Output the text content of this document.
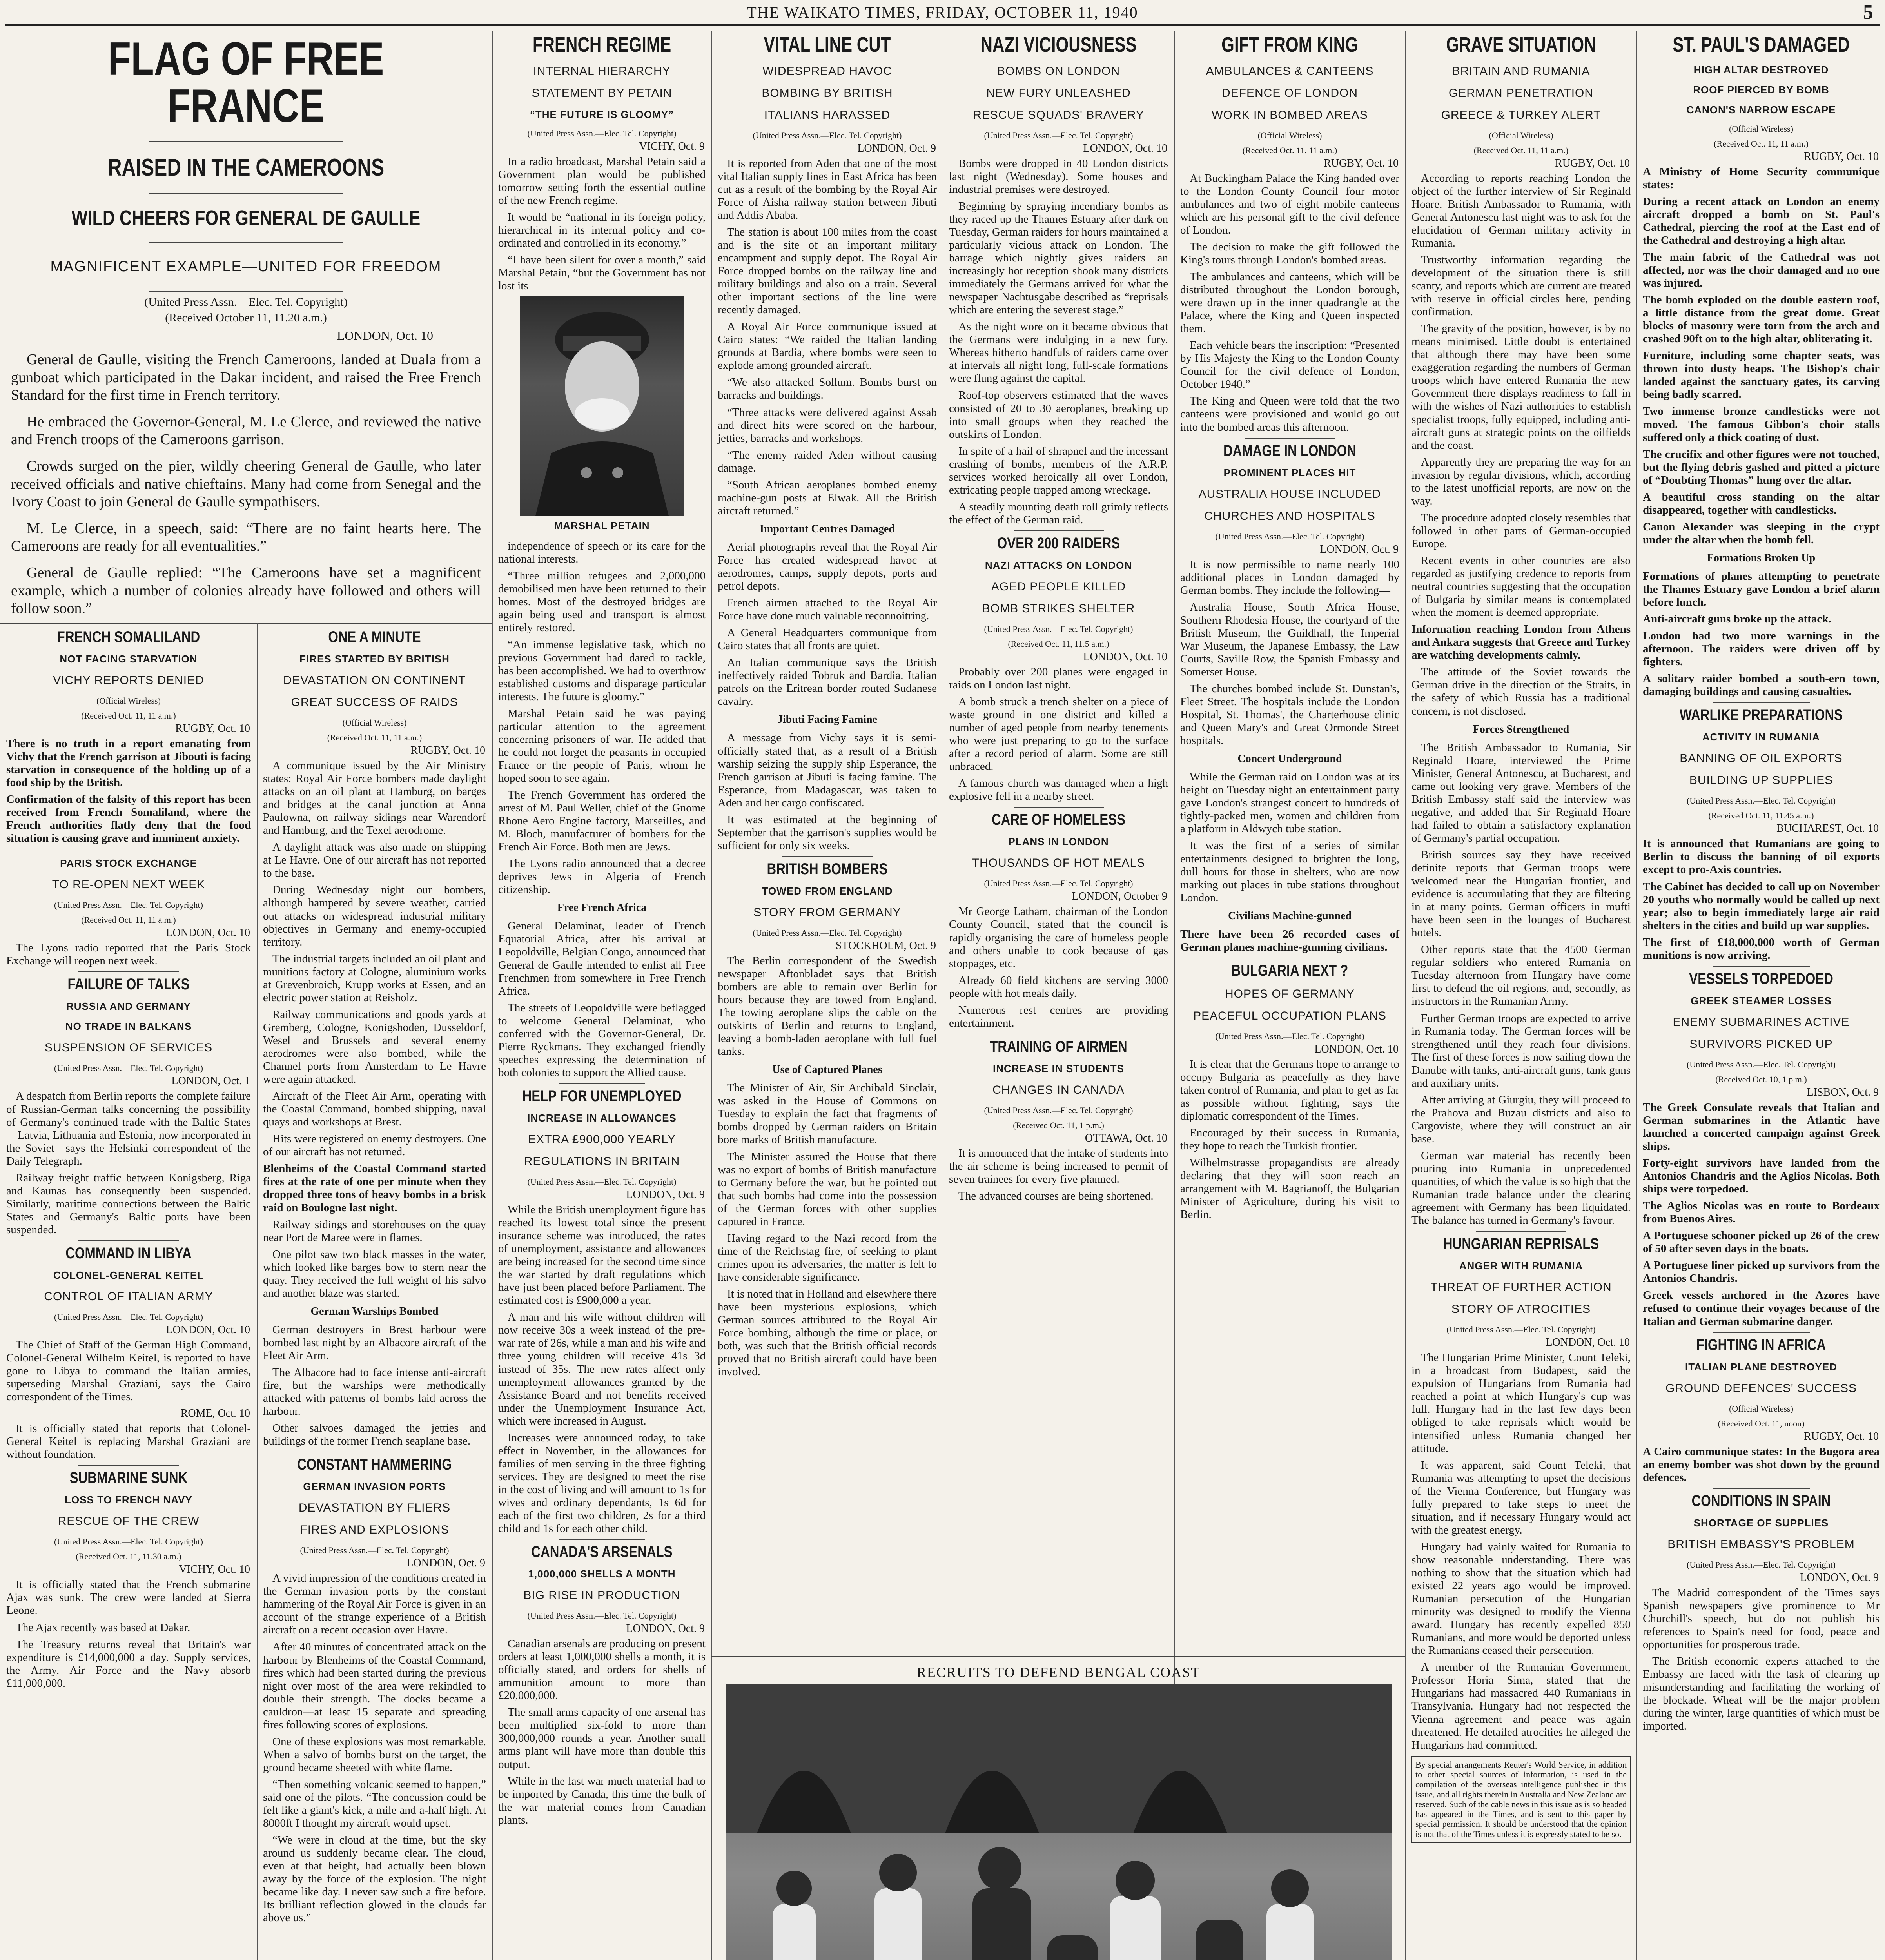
THE WAIKATO TIMES, FRIDAY, OCTOBER 11, 1940	5
FLAG OF FREE FRANCE
RAISED IN THE CAMEROONS
WILD CHEERS FOR GENERAL DE GAULLE
MAGNIFICENT EXAMPLE—UNITED FOR FREEDOM
(United Press Assn.—Elec. Tel. Copyright)
(Received October 11, 11.20 a.m.)
LONDON, Oct. 10

General de Gaulle, visiting the French Cameroons, landed at Duala from a gunboat which participated in the Dakar incident, and raised the Free French Standard for the first time in French territory.

He embraced the Governor-General, M. Le Clerce, and reviewed the native and French troops of the Cameroons garrison.

Crowds surged on the pier, wildly cheering General de Gaulle, who later received officials and native chieftains. Many had come from Senegal and the Ivory Coast to join General de Gaulle sympathisers.

M. Le Clerce, in a speech, said: “There are no faint hearts here. The Cameroons are ready for all eventualities.”

General de Gaulle replied: “The Cameroons have set a magnificent example, which a number of colonies already have followed and others will follow soon.”

FRENCH SOMALILAND
NOT FACING STARVATION
VICHY REPORTS DENIED
(Official Wireless)
(Received Oct. 11, 11 a.m.)
RUGBY, Oct. 10

There is no truth in a report emanating from Vichy that the French garrison at Jibouti is facing starvation in consequence of the holding up of a food ship by the British.

Confirmation of the falsity of this report has been received from French Somaliland, where the French authorities flatly deny that the food situation is causing grave and imminent anxiety.

PARIS STOCK EXCHANGE
TO RE-OPEN NEXT WEEK
(United Press Assn.—Elec. Tel. Copyright)
(Received Oct. 11, 11 a.m.)
LONDON, Oct. 10

The Lyons radio reported that the Paris Stock Exchange will reopen next week.

FAILURE OF TALKS
RUSSIA AND GERMANY
NO TRADE IN BALKANS
SUSPENSION OF SERVICES
(United Press Assn.—Elec. Tel. Copyright)
LONDON, Oct. 1

A despatch from Berlin reports the complete failure of Russian-German talks concerning the possibility of Germany's continued trade with the Baltic States—Latvia, Lithuania and Estonia, now incorporated in the Soviet—says the Helsinki correspondent of the Daily Telegraph.

Railway freight traffic between Konigsberg, Riga and Kaunas has consequently been suspended. Similarly, maritime connections between the Baltic States and Germany's Baltic ports have been suspended.

COMMAND IN LIBYA
COLONEL-GENERAL KEITEL
CONTROL OF ITALIAN ARMY
(United Press Assn.—Elec. Tel. Copyright)
LONDON, Oct. 10

The Chief of Staff of the German High Command, Colonel-General Wilhelm Keitel, is reported to have gone to Libya to command the Italian armies, superseding Marshal Graziani, says the Cairo correspondent of the Times.

ROME, Oct. 10

It is officially stated that reports that Colonel-General Keitel is replacing Marshal Graziani are without foundation.

SUBMARINE SUNK
LOSS TO FRENCH NAVY
RESCUE OF THE CREW
(United Press Assn.—Elec. Tel. Copyright)
(Received Oct. 11, 11.30 a.m.)
VICHY, Oct. 10

It is officially stated that the French submarine Ajax was sunk. The crew were landed at Sierra Leone.

The Ajax recently was based at Dakar.

The Treasury returns reveal that Britain's war expenditure is £14,000,000 a day. Supply services, the Army, Air Force and the Navy absorb £11,000,000.

ONE A MINUTE
FIRES STARTED BY BRITISH
DEVASTATION ON CONTINENT
GREAT SUCCESS OF RAIDS
(Official Wireless)
(Received Oct. 11, 11 a.m.)
RUGBY, Oct. 10

A communique issued by the Air Ministry states: Royal Air Force bombers made daylight attacks on an oil plant at Hamburg, on barges and bridges at the canal junction at Anna Paulowna, on railway sidings near Warendorf and Hamburg, and the Texel aerodrome.

A daylight attack was also made on shipping at Le Havre. One of our aircraft has not reported to the base.

During Wednesday night our bombers, although hampered by severe weather, carried out attacks on widespread industrial military objectives in Germany and enemy-occupied territory.

The industrial targets included an oil plant and munitions factory at Cologne, aluminium works at Grevenbroich, Krupp works at Essen, and an electric power station at Reisholz.

Railway communications and goods yards at Gremberg, Cologne, Konigshoden, Dusseldorf, Wesel and Brussels and several enemy aerodromes were also bombed, while the Channel ports from Amsterdam to Le Havre were again attacked.

Aircraft of the Fleet Air Arm, operating with the Coastal Command, bombed shipping, naval quays and workshops at Brest.

Hits were registered on enemy destroyers. One of our aircraft has not returned.

Blenheims of the Coastal Command started fires at the rate of one per minute when they dropped three tons of heavy bombs in a brisk raid on Boulogne last night.

Railway sidings and storehouses on the quay near Port de Maree were in flames.

One pilot saw two black masses in the water, which looked like barges bow to stern near the quay. They received the full weight of his salvo and another blaze was started.

German Warships Bombed

German destroyers in Brest harbour were bombed last night by an Albacore aircraft of the Fleet Air Arm.

The Albacore had to face intense anti-aircraft fire, but the warships were methodically attacked with patterns of bombs laid across the harbour.

Other salvoes damaged the jetties and buildings of the former French seaplane base.

CONSTANT HAMMERING
GERMAN INVASION PORTS
DEVASTATION BY FLIERS
FIRES AND EXPLOSIONS
(United Press Assn.—Elec. Tel. Copyright)
LONDON, Oct. 9

A vivid impression of the conditions created in the German invasion ports by the constant hammering of the Royal Air Force is given in an account of the strange experience of a British aircraft on a recent occasion over Havre.

After 40 minutes of concentrated attack on the harbour by Blenheims of the Coastal Command, fires which had been started during the previous night over most of the area were rekindled to double their strength. The docks became a cauldron—at least 15 separate and spreading fires following scores of explosions.

One of these explosions was most remarkable. When a salvo of bombs burst on the target, the ground became sheeted with white flame.

“Then something volcanic seemed to happen,” said one of the pilots. “The concussion could be felt like a giant's kick, a mile and a-half high. At 8000ft I thought my aircraft would upset.

“We were in cloud at the time, but the sky around us suddenly became clear. The cloud, even at that height, had actually been blown away by the force of the explosion. The night became like day. I never saw such a fire before. Its brilliant reflection glowed in the clouds far above us.”

FRENCH REGIME
INTERNAL HIERARCHY
STATEMENT BY PETAIN
“THE FUTURE IS GLOOMY”
(United Press Assn.—Elec. Tel. Copyright)
VICHY, Oct. 9

In a radio broadcast, Marshal Petain said a Government plan would be published tomorrow setting forth the essential outline of the new French regime.

It would be “national in its foreign policy, hierarchical in its internal policy and co-ordinated and controlled in its economy.”

“I have been silent for over a month,” said Marshal Petain, “but the Government has not lost its

MARSHAL PETAIN

independence of speech or its care for the national interests.

“Three million refugees and 2,000,000 demobilised men have been returned to their homes. Most of the destroyed bridges are again being used and transport is almost entirely restored.

“An immense legislative task, which no previous Government had dared to tackle, has been accomplished. We had to overthrow established customs and disparage particular interests. The future is gloomy.”

Marshal Petain said he was paying particular attention to the agreement concerning prisoners of war. He added that he could not forget the peasants in occupied France or the people of Paris, whom he hoped soon to see again.

The French Government has ordered the arrest of M. Paul Weller, chief of the Gnome Rhone Aero Engine factory, Marseilles, and M. Bloch, manufacturer of bombers for the French Air Force. Both men are Jews.

The Lyons radio announced that a decree deprives Jews in Algeria of French citizenship.

Free French Africa

General Delaminat, leader of French Equatorial Africa, after his arrival at Leopoldville, Belgian Congo, announced that General de Gaulle intended to enlist all Free Frenchmen from somewhere in Free French Africa.

The streets of Leopoldville were beflagged to welcome General Delaminat, who conferred with the Governor-General, Dr. Pierre Ryckmans. They exchanged friendly speeches expressing the determination of both colonies to support the Allied cause.

HELP FOR UNEMPLOYED
INCREASE IN ALLOWANCES
EXTRA £900,000 YEARLY
REGULATIONS IN BRITAIN
(United Press Assn.—Elec. Tel. Copyright)
LONDON, Oct. 9

While the British unemployment figure has reached its lowest total since the present insurance scheme was introduced, the rates of unemployment, assistance and allowances are being increased for the second time since the war started by draft regulations which have just been placed before Parliament. The estimated cost is £900,000 a year.

A man and his wife without children will now receive 30s a week instead of the pre-war rate of 26s, while a man and his wife and three young children will receive 41s 3d instead of 35s. The new rates affect only unemployment allowances granted by the Assistance Board and not benefits received under the Unemployment Insurance Act, which were increased in August.

Increases were announced today, to take effect in November, in the allowances for families of men serving in the three fighting services. They are designed to meet the rise in the cost of living and will amount to 1s for wives and ordinary dependants, 1s 6d for each of the first two children, 2s for a third child and 1s for each other child.

CANADA'S ARSENALS
1,000,000 SHELLS A MONTH
BIG RISE IN PRODUCTION
(United Press Assn.—Elec. Tel. Copyright)
LONDON, Oct. 9

Canadian arsenals are producing on present orders at least 1,000,000 shells a month, it is officially stated, and orders for shells of ammunition amount to more than £20,000,000.

The small arms capacity of one arsenal has been multiplied six-fold to more than 300,000,000 rounds a year. Another small arms plant will have more than double this output.

While in the last war much material had to be imported by Canada, this time the bulk of the war material comes from Canadian plants.

VITAL LINE CUT
WIDESPREAD HAVOC
BOMBING BY BRITISH
ITALIANS HARASSED
(United Press Assn.—Elec. Tel. Copyright)
LONDON, Oct. 9

It is reported from Aden that one of the most vital Italian supply lines in East Africa has been cut as a result of the bombing by the Royal Air Force of Aisha railway station between Jibuti and Addis Ababa.

The station is about 100 miles from the coast and is the site of an important military encampment and supply depot. The Royal Air Force dropped bombs on the railway line and military buildings and also on a train. Several other important sections of the line were recently damaged.

A Royal Air Force communique issued at Cairo states: “We raided the Italian landing grounds at Bardia, where bombs were seen to explode among grounded aircraft.

“We also attacked Sollum. Bombs burst on barracks and buildings.

“Three attacks were delivered against Assab and direct hits were scored on the harbour, jetties, barracks and workshops.

“The enemy raided Aden without causing damage.

“South African aeroplanes bombed enemy machine-gun posts at Elwak. All the British aircraft returned.”

Important Centres Damaged

Aerial photographs reveal that the Royal Air Force has created widespread havoc at aerodromes, camps, supply depots, ports and petrol depots.

French airmen attached to the Royal Air Force have done much valuable reconnoitring.

A General Headquarters communique from Cairo states that all fronts are quiet.

An Italian communique says the British ineffectively raided Tobruk and Bardia. Italian patrols on the Eritrean border routed Sudanese cavalry.

Jibuti Facing Famine

A message from Vichy says it is semi-officially stated that, as a result of a British warship seizing the supply ship Esperance, the French garrison at Jibuti is facing famine. The Esperance, from Madagascar, was taken to Aden and her cargo confiscated.

It was estimated at the beginning of September that the garrison's supplies would be sufficient for only six weeks.

BRITISH BOMBERS
TOWED FROM ENGLAND
STORY FROM GERMANY
(United Press Assn.—Elec. Tel. Copyright)
STOCKHOLM, Oct. 9

The Berlin correspondent of the Swedish newspaper Aftonbladet says that British bombers are able to remain over Berlin for hours because they are towed from England. The towing aeroplane slips the cable on the outskirts of Berlin and returns to England, leaving a bomb-laden aeroplane with full fuel tanks.

Use of Captured Planes

The Minister of Air, Sir Archibald Sinclair, was asked in the House of Commons on Tuesday to explain the fact that fragments of bombs dropped by German raiders on Britain bore marks of British manufacture.

The Minister assured the House that there was no export of bombs of British manufacture to Germany before the war, but he pointed out that such bombs had come into the possession of the German forces with other supplies captured in France.

Having regard to the Nazi record from the time of the Reichstag fire, of seeking to plant crimes upon its adversaries, the matter is felt to have considerable significance.

It is noted that in Holland and elsewhere there have been mysterious explosions, which German sources attributed to the Royal Air Force bombing, although the time or place, or both, was such that the British official records proved that no British aircraft could have been involved.

NAZI VICIOUSNESS
BOMBS ON LONDON
NEW FURY UNLEASHED
RESCUE SQUADS' BRAVERY
(United Press Assn.—Elec. Tel. Copyright)
LONDON, Oct. 10

Bombs were dropped in 40 London districts last night (Wednesday). Some houses and industrial premises were destroyed.

Beginning by spraying incendiary bombs as they raced up the Thames Estuary after dark on Tuesday, German raiders for hours maintained a particularly vicious attack on London. The barrage which nightly gives raiders an increasingly hot reception shook many districts immediately the Germans arrived for what the newspaper Nachtusgabe described as “reprisals which are entering the severest stage.”

As the night wore on it became obvious that the Germans were indulging in a new fury. Whereas hitherto handfuls of raiders came over at intervals all night long, full-scale formations were flung against the capital.

Roof-top observers estimated that the waves consisted of 20 to 30 aeroplanes, breaking up into small groups when they reached the outskirts of London.

In spite of a hail of shrapnel and the incessant crashing of bombs, members of the A.R.P. services worked heroically all over London, extricating people trapped among wreckage.

A steadily mounting death roll grimly reflects the effect of the German raid.

OVER 200 RAIDERS
NAZI ATTACKS ON LONDON
AGED PEOPLE KILLED
BOMB STRIKES SHELTER
(United Press Assn.—Elec. Tel. Copyright)
(Received Oct. 11, 11.5 a.m.)
LONDON, Oct. 10

Probably over 200 planes were engaged in raids on London last night.

A bomb struck a trench shelter on a piece of waste ground in one district and killed a number of aged people from nearby tenements who were just preparing to go to the surface after a record period of alarm. Some are still unbraced.

A famous church was damaged when a high explosive fell in a nearby street.

CARE OF HOMELESS
PLANS IN LONDON
THOUSANDS OF HOT MEALS
(United Press Assn.—Elec. Tel. Copyright)
LONDON, October 9

Mr George Latham, chairman of the London County Council, stated that the council is rapidly organising the care of homeless people and others unable to cook because of gas stoppages, etc.

Already 60 field kitchens are serving 3000 people with hot meals daily.

Numerous rest centres are providing entertainment.

TRAINING OF AIRMEN
INCREASE IN STUDENTS
CHANGES IN CANADA
(United Press Assn.—Elec. Tel. Copyright)
(Received Oct. 11, 1 p.m.)
OTTAWA, Oct. 10

It is announced that the intake of students into the air scheme is being increased to permit of seven trainees for every five planned.

The advanced courses are being shortened.

RECRUITS TO DEFEND BENGAL COAST
GIFT FROM KING
AMBULANCES & CANTEENS
DEFENCE OF LONDON
WORK IN BOMBED AREAS
(Official Wireless)
(Received Oct. 11, 11 a.m.)
RUGBY, Oct. 10

At Buckingham Palace the King handed over to the London County Council four motor ambulances and two of eight mobile canteens which are his personal gift to the civil defence of London.

The decision to make the gift followed the King's tours through London's bombed areas.

The ambulances and canteens, which will be distributed throughout the London borough, were drawn up in the inner quadrangle at the Palace, where the King and Queen inspected them.

Each vehicle bears the inscription: “Presented by His Majesty the King to the London County Council for the civil defence of London, October 1940.”

The King and Queen were told that the two canteens were provisioned and would go out into the bombed areas this afternoon.

DAMAGE IN LONDON
PROMINENT PLACES HIT
AUSTRALIA HOUSE INCLUDED
CHURCHES AND HOSPITALS
(United Press Assn.—Elec. Tel. Copyright)
LONDON, Oct. 9

It is now permissible to name nearly 100 additional places in London damaged by German bombs. They include the following—

Australia House, South Africa House, Southern Rhodesia House, the courtyard of the British Museum, the Guildhall, the Imperial War Museum, the Japanese Embassy, the Law Courts, Saville Row, the Spanish Embassy and Somerset House.

The churches bombed include St. Dunstan's, Fleet Street. The hospitals include the London Hospital, St. Thomas', the Charterhouse clinic and Queen Mary's and Great Ormonde Street hospitals.

Concert Underground

While the German raid on London was at its height on Tuesday night an entertainment party gave London's strangest concert to hundreds of tightly-packed men, women and children from a platform in Aldwych tube station.

It was the first of a series of similar entertainments designed to brighten the long, dull hours for those in shelters, who are now marking out places in tube stations throughout London.

Civilians Machine-gunned

There have been 26 recorded cases of German planes machine-gunning civilians.

BULGARIA NEXT ?
HOPES OF GERMANY
PEACEFUL OCCUPATION PLANS
(United Press Assn.—Elec. Tel. Copyright)
LONDON, Oct. 10

It is clear that the Germans hope to arrange to occupy Bulgaria as peacefully as they have taken control of Rumania, and plan to get as far as possible without fighting, says the diplomatic correspondent of the Times.

Encouraged by their success in Rumania, they hope to reach the Turkish frontier.

Wilhelmstrasse propagandists are already declaring that they will soon reach an arrangement with M. Bagrianoff, the Bulgarian Minister of Agriculture, during his visit to Berlin.

GRAVE SITUATION
BRITAIN AND RUMANIA
GERMAN PENETRATION
GREECE & TURKEY ALERT
(Official Wireless)
(Received Oct. 11, 11 a.m.)
RUGBY, Oct. 10

According to reports reaching London the object of the further interview of Sir Reginald Hoare, British Ambassador to Rumania, with General Antonescu last night was to ask for the elucidation of German military activity in Rumania.

Trustworthy information regarding the development of the situation there is still scanty, and reports which are current are treated with reserve in official circles here, pending confirmation.

The gravity of the position, however, is by no means minimised. Little doubt is entertained that although there may have been some exaggeration regarding the numbers of German troops which have entered Rumania the new Government there displays readiness to fall in with the wishes of Nazi authorities to establish specialist troops, fully equipped, including anti-aircraft guns at strategic points on the oilfields and the coast.

Apparently they are preparing the way for an invasion by regular divisions, which, according to the latest unofficial reports, are now on the way.

The procedure adopted closely resembles that followed in other parts of German-occupied Europe.

Recent events in other countries are also regarded as justifying credence to reports from neutral countries suggesting that the occupation of Bulgaria by similar means is contemplated when the moment is deemed appropriate.

Information reaching London from Athens and Ankara suggests that Greece and Turkey are watching developments calmly.

The attitude of the Soviet towards the German drive in the direction of the Straits, in the safety of which Russia has a traditional concern, is not disclosed.

Forces Strengthened

The British Ambassador to Rumania, Sir Reginald Hoare, interviewed the Prime Minister, General Antonescu, at Bucharest, and came out looking very grave. Members of the British Embassy staff said the interview was negative, and added that Sir Reginald Hoare had failed to obtain a satisfactory explanation of Germany's partial occupation.

British sources say they have received definite reports that German troops were welcomed near the Hungarian frontier, and evidence is accumulating that they are filtering in at many points. German officers in mufti have been seen in the lounges of Bucharest hotels.

Other reports state that the 4500 German regular soldiers who entered Rumania on Tuesday afternoon from Hungary have come first to defend the oil regions, and, secondly, as instructors in the Rumanian Army.

Further German troops are expected to arrive in Rumania today. The German forces will be strengthened until they reach four divisions. The first of these forces is now sailing down the Danube with tanks, anti-aircraft guns, tank guns and auxiliary units.

After arriving at Giurgiu, they will proceed to the Prahova and Buzau districts and also to Cargoviste, where they will construct an air base.

German war material has recently been pouring into Rumania in unprecedented quantities, of which the value is so high that the Rumanian trade balance under the clearing agreement with Germany has been liquidated. The balance has turned in Germany's favour.

HUNGARIAN REPRISALS
ANGER WITH RUMANIA
THREAT OF FURTHER ACTION
STORY OF ATROCITIES
(United Press Assn.—Elec. Tel. Copyright)
LONDON, Oct. 10

The Hungarian Prime Minister, Count Teleki, in a broadcast from Budapest, said the expulsion of Hungarians from Rumania had reached a point at which Hungary's cup was full. Hungary had in the last few days been obliged to take reprisals which would be intensified unless Rumania changed her attitude.

It was apparent, said Count Teleki, that Rumania was attempting to upset the decisions of the Vienna Conference, but Hungary was fully prepared to take steps to meet the situation, and if necessary Hungary would act with the greatest energy.

Hungary had vainly waited for Rumania to show reasonable understanding. There was nothing to show that the situation which had existed 22 years ago would be improved. Rumanian persecution of the Hungarian minority was designed to modify the Vienna award. Hungary has recently expelled 850 Rumanians, and more would be deported unless the Rumanians ceased their persecution.

A member of the Rumanian Government, Professor Horia Sima, stated that the Hungarians had massacred 440 Rumanians in Transylvania. Hungary had not respected the Vienna agreement and peace was again threatened. He detailed atrocities he alleged the Hungarians had committed.

By special arrangements Reuter's World Service, in addition to other special sources of information, is used in the compilation of the overseas intelligence published in this issue, and all rights therein in Australia and New Zealand are reserved. Such of the cable news in this issue as is so headed has appeared in the Times, and is sent to this paper by special permission. It should be understood that the opinion is not that of the Times unless it is expressly stated to be so.
ST. PAUL'S DAMAGED
HIGH ALTAR DESTROYED
ROOF PIERCED BY BOMB
CANON'S NARROW ESCAPE
(Official Wireless)
(Received Oct. 11, 11 a.m.)
RUGBY, Oct. 10

A Ministry of Home Security communique states:

During a recent attack on London an enemy aircraft dropped a bomb on St. Paul's Cathedral, piercing the roof at the East end of the Cathedral and destroying a high altar.

The main fabric of the Cathedral was not affected, nor was the choir damaged and no one was injured.

The bomb exploded on the double eastern roof, a little distance from the great dome. Great blocks of masonry were torn from the arch and crashed 90ft on to the high altar, obliterating it.

Furniture, including some chapter seats, was thrown into dusty heaps. The Bishop's chair landed against the sanctuary gates, its carving being badly scarred.

Two immense bronze candlesticks were not moved. The famous Gibbon's choir stalls suffered only a thick coating of dust.

The crucifix and other figures were not touched, but the flying debris gashed and pitted a picture of “Doubting Thomas” hung over the altar.

A beautiful cross standing on the altar disappeared, together with candlesticks.

Canon Alexander was sleeping in the crypt under the altar when the bomb fell.

Formations Broken Up

Formations of planes attempting to penetrate the Thames Estuary gave London a brief alarm before lunch.

Anti-aircraft guns broke up the attack.

London had two more warnings in the afternoon. The raiders were driven off by fighters.

A solitary raider bombed a south-ern town, damaging buildings and causing casualties.

WARLIKE PREPARATIONS
ACTIVITY IN RUMANIA
BANNING OF OIL EXPORTS
BUILDING UP SUPPLIES
(United Press Assn.—Elec. Tel. Copyright)
(Received Oct. 11, 11.45 a.m.)
BUCHAREST, Oct. 10

It is announced that Rumanians are going to Berlin to discuss the banning of oil exports except to pro-Axis countries.

The Cabinet has decided to call up on November 20 youths who normally would be called up next year; also to begin immediately large air raid shelters in the cities and build up war supplies.

The first of £18,000,000 worth of German munitions is now arriving.

VESSELS TORPEDOED
GREEK STEAMER LOSSES
ENEMY SUBMARINES ACTIVE
SURVIVORS PICKED UP
(United Press Assn.—Elec. Tel. Copyright)
(Received Oct. 10, 1 p.m.)
LISBON, Oct. 9

The Greek Consulate reveals that Italian and German submarines in the Atlantic have launched a concerted campaign against Greek ships.

Forty-eight survivors have landed from the Antonios Chandris and the Aglios Nicolas. Both ships were torpedoed.

The Aglios Nicolas was en route to Bordeaux from Buenos Aires.

A Portuguese schooner picked up 26 of the crew of 50 after seven days in the boats.

A Portuguese liner picked up survivors from the Antonios Chandris.

Greek vessels anchored in the Azores have refused to continue their voyages because of the Italian and German submarine danger.

FIGHTING IN AFRICA
ITALIAN PLANE DESTROYED
GROUND DEFENCES' SUCCESS
(Official Wireless)
(Received Oct. 11, noon)
RUGBY, Oct. 10

A Cairo communique states: In the Bugora area an enemy bomber was shot down by the ground defences.

CONDITIONS IN SPAIN
SHORTAGE OF SUPPLIES
BRITISH EMBASSY'S PROBLEM
(United Press Assn.—Elec. Tel. Copyright)
LONDON, Oct. 9

The Madrid correspondent of the Times says Spanish newspapers give prominence to Mr Churchill's speech, but do not publish his references to Spain's need for food, peace and opportunities for prosperous trade.

The British economic experts attached to the Embassy are faced with the task of clearing up misunderstanding and facilitating the working of the blockade. Wheat will be the major problem during the winter, large quantities of which must be imported.
